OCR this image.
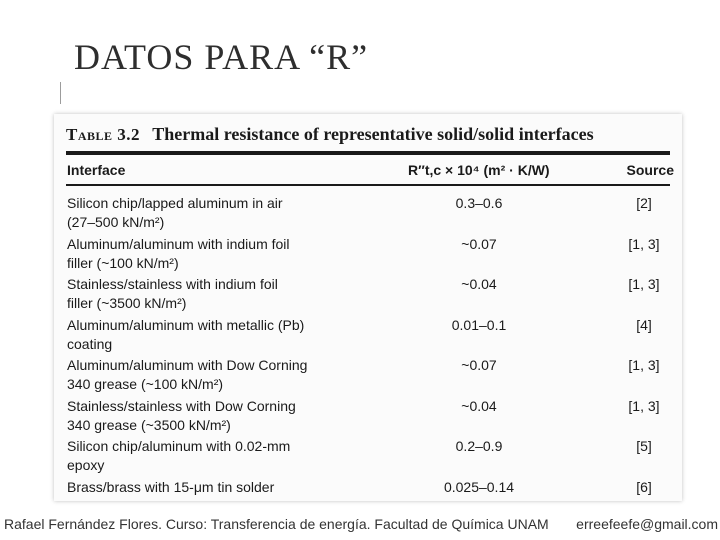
DATOS PARA “R”
Table 3.2 Thermal resistance of representative solid/solid interfaces
Interface	R″t,c × 10⁴ (m² · K/W)	Source
Silicon chip/lapped aluminum in air
(27–500 kN/m²)
0.3–0.6	[2]
Aluminum/aluminum with indium foil
filler (~100 kN/m²)
~0.07	[1, 3]
Stainless/stainless with indium foil
filler (~3500 kN/m²)
~0.04	[1, 3]
Aluminum/aluminum with metallic (Pb)
coating
0.01–0.1	[4]
Aluminum/aluminum with Dow Corning
340 grease (~100 kN/m²)
~0.07	[1, 3]
Stainless/stainless with Dow Corning
340 grease (~3500 kN/m²)
~0.04	[1, 3]
Silicon chip/aluminum with 0.02-mm
epoxy
0.2–0.9	[5]
Brass/brass with 15-μm tin solder	0.025–0.14	[6]
Rafael Fernández Flores. Curso: Transferencia de energía. Facultad de Química UNAM erreefeefe@gmail.com
